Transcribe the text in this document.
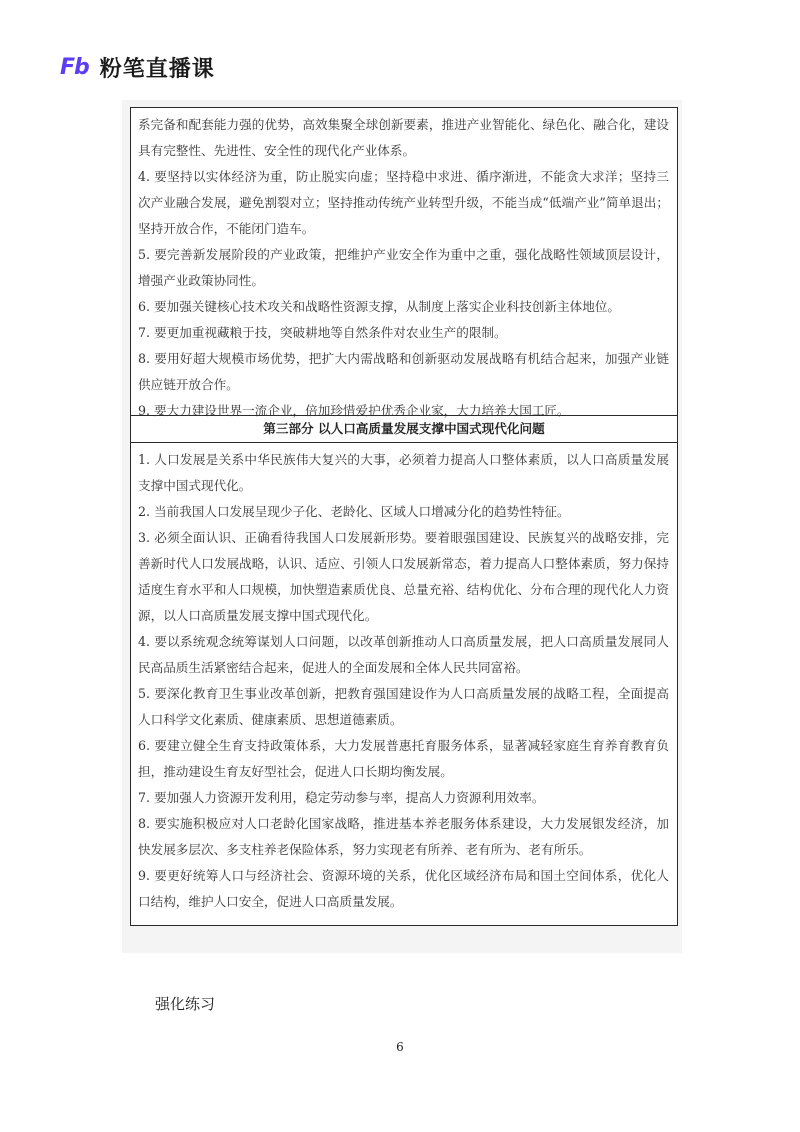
Fb 粉笔直播课

系完备和配套能力强的优势，高效集聚全球创新要素，推进产业智能化、绿色化、融合化，建设具有完整性、先进性、安全性的现代化产业体系。

4. 要坚持以实体经济为重，防止脱实向虚；坚持稳中求进、循序渐进，不能贪大求洋；坚持三次产业融合发展，避免割裂对立；坚持推动传统产业转型升级，不能当成“低端产业”简单退出；坚持开放合作，不能闭门造车。

5. 要完善新发展阶段的产业政策，把维护产业安全作为重中之重，强化战略性领域顶层设计，增强产业政策协同性。

6. 要加强关键核心技术攻关和战略性资源支撑，从制度上落实企业科技创新主体地位。

7. 要更加重视藏粮于技，突破耕地等自然条件对农业生产的限制。

8. 要用好超大规模市场优势，把扩大内需战略和创新驱动发展战略有机结合起来，加强产业链供应链开放合作。

9. 要大力建设世界一流企业，倍加珍惜爱护优秀企业家，大力培养大国工匠。

第三部分 以人口高质量发展支撑中国式现代化问题

1. 人口发展是关系中华民族伟大复兴的大事，必须着力提高人口整体素质，以人口高质量发展支撑中国式现代化。

2. 当前我国人口发展呈现少子化、老龄化、区域人口增减分化的趋势性特征。

3. 必须全面认识、正确看待我国人口发展新形势。要着眼强国建设、民族复兴的战略安排，完善新时代人口发展战略，认识、适应、引领人口发展新常态，着力提高人口整体素质，努力保持适度生育水平和人口规模，加快塑造素质优良、总量充裕、结构优化、分布合理的现代化人力资源，以人口高质量发展支撑中国式现代化。

4. 要以系统观念统筹谋划人口问题，以改革创新推动人口高质量发展，把人口高质量发展同人民高品质生活紧密结合起来，促进人的全面发展和全体人民共同富裕。

5. 要深化教育卫生事业改革创新，把教育强国建设作为人口高质量发展的战略工程，全面提高人口科学文化素质、健康素质、思想道德素质。

6. 要建立健全生育支持政策体系，大力发展普惠托育服务体系，显著减轻家庭生育养育教育负担，推动建设生育友好型社会，促进人口长期均衡发展。

7. 要加强人力资源开发利用，稳定劳动参与率，提高人力资源利用效率。

8. 要实施积极应对人口老龄化国家战略，推进基本养老服务体系建设，大力发展银发经济，加快发展多层次、多支柱养老保险体系，努力实现老有所养、老有所为、老有所乐。

9. 要更好统筹人口与经济社会、资源环境的关系，优化区域经济布局和国土空间体系，优化人口结构，维护人口安全，促进人口高质量发展。

强化练习
6
